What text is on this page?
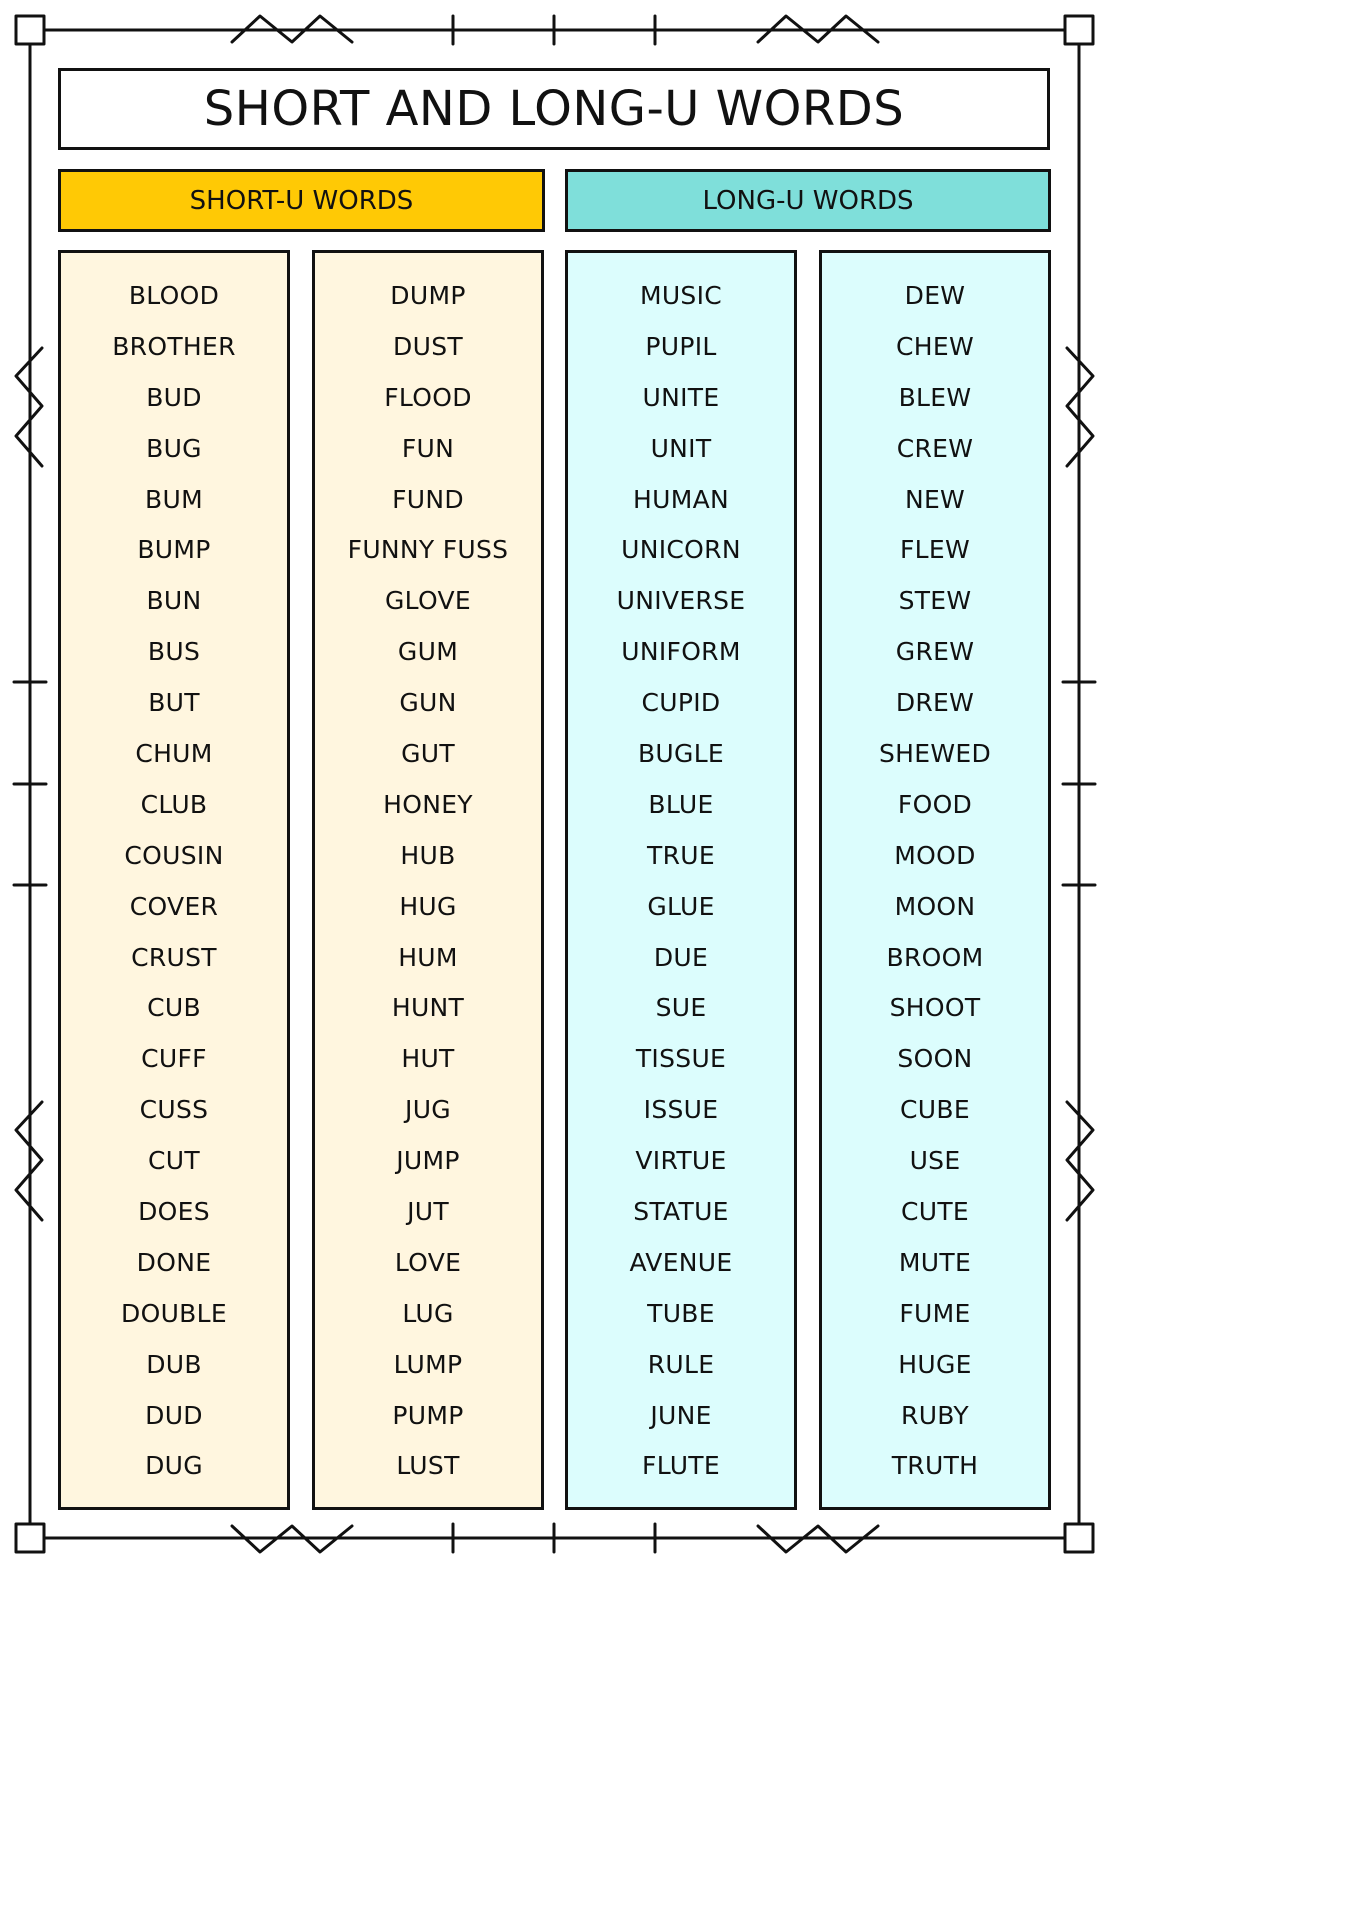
SHORT AND LONG-U WORDS
SHORT-U WORDS	LONG-U WORDS
BLOOD
BROTHER
BUD
BUG
BUM
BUMP
BUN
BUS
BUT
CHUM
CLUB
COUSIN
COVER
CRUST
CUB
CUFF
CUSS
CUT
DOES
DONE
DOUBLE
DUB
DUD
DUG
DUMP
DUST
FLOOD
FUN
FUND
FUNNY FUSS
GLOVE
GUM
GUN
GUT
HONEY
HUB
HUG
HUM
HUNT
HUT
JUG
JUMP
JUT
LOVE
LUG
LUMP
PUMP
LUST
MUSIC
PUPIL
UNITE
UNIT
HUMAN
UNICORN
UNIVERSE
UNIFORM
CUPID
BUGLE
BLUE
TRUE
GLUE
DUE
SUE
TISSUE
ISSUE
VIRTUE
STATUE
AVENUE
TUBE
RULE
JUNE
FLUTE
DEW
CHEW
BLEW
CREW
NEW
FLEW
STEW
GREW
DREW
SHEWED
FOOD
MOOD
MOON
BROOM
SHOOT
SOON
CUBE
USE
CUTE
MUTE
FUME
HUGE
RUBY
TRUTH
